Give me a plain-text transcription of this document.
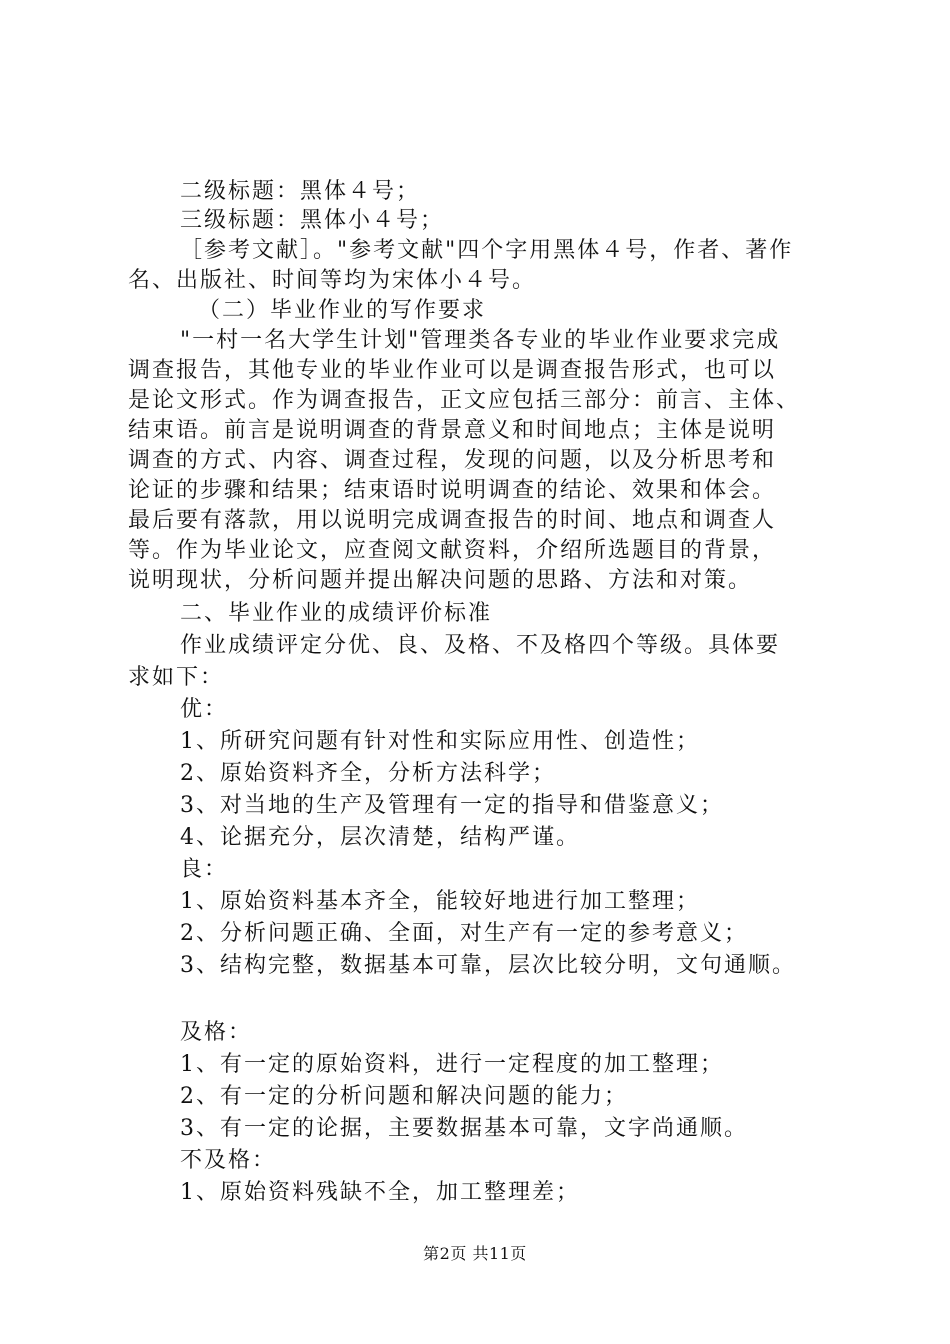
二级标题：黑体４号；
三级标题：黑体小４号；
［参考文献］。"参考文献"四个字用黑体４号，作者、著作
名、出版社、时间等均为宋体小４号。
（二）毕业作业的写作要求
"一村一名大学生计划"管理类各专业的毕业作业要求完成
调查报告，其他专业的毕业作业可以是调查报告形式，也可以
是论文形式。作为调查报告，正文应包括三部分：前言、主体、
结束语。前言是说明调查的背景意义和时间地点；主体是说明
调查的方式、内容、调查过程，发现的问题，以及分析思考和
论证的步骤和结果；结束语时说明调查的结论、效果和体会。
最后要有落款，用以说明完成调查报告的时间、地点和调查人
等。作为毕业论文，应查阅文献资料，介绍所选题目的背景，
说明现状，分析问题并提出解决问题的思路、方法和对策。
二、毕业作业的成绩评价标准
作业成绩评定分优、良、及格、不及格四个等级。具体要
求如下：
优：
1、所研究问题有针对性和实际应用性、创造性；
2、原始资料齐全，分析方法科学；
3、对当地的生产及管理有一定的指导和借鉴意义；
4、论据充分，层次清楚，结构严谨。
良：
1、原始资料基本齐全，能较好地进行加工整理；
2、分析问题正确、全面，对生产有一定的参考意义；
3、结构完整，数据基本可靠，层次比较分明，文句通顺。
及格：
1、有一定的原始资料，进行一定程度的加工整理；
2、有一定的分析问题和解决问题的能力；
3、有一定的论据，主要数据基本可靠，文字尚通顺。
不及格：
1、原始资料残缺不全，加工整理差；
第2页 共11页
